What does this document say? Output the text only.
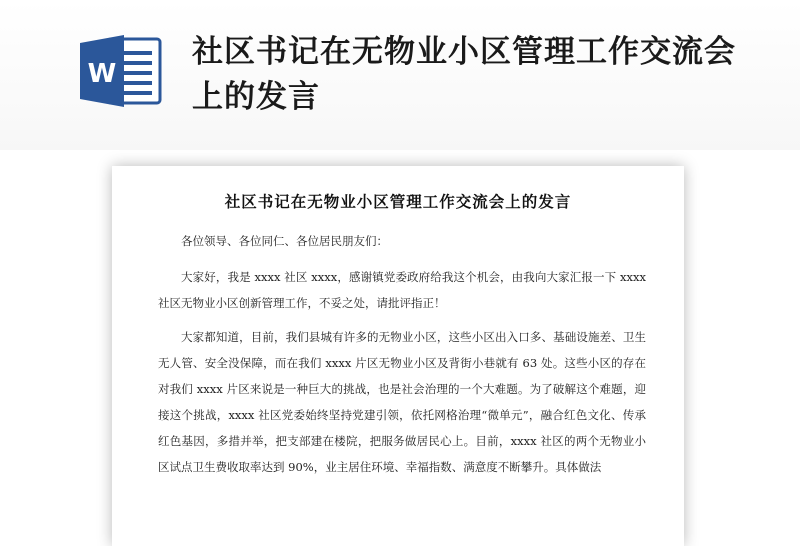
W
社区书记在无物业小区管理工作交流会上的发言
社区书记在无物业小区管理工作交流会上的发言

各位领导、各位同仁、各位居民朋友们：

大家好，我是 xxxx 社区 xxxx，感谢镇党委政府给我这个机会，由我向大家汇报一下 xxxx 社区无物业小区创新管理工作，不妥之处，请批评指正！

大家都知道，目前，我们县城有许多的无物业小区，这些小区出入口多、基础设施差、卫生无人管、安全没保障，而在我们 xxxx 片区无物业小区及背街小巷就有 63 处。这些小区的存在对我们 xxxx 片区来说是一种巨大的挑战，也是社会治理的一个大难题。为了破解这个难题，迎接这个挑战，xxxx 社区党委始终坚持党建引领，依托网格治理“微单元”，融合红色文化、传承红色基因，多措并举，把支部建在楼院，把服务做居民心上。目前，xxxx 社区的两个无物业小区试点卫生费收取率达到 90%，业主居住环境、幸福指数、满意度不断攀升。具体做法
